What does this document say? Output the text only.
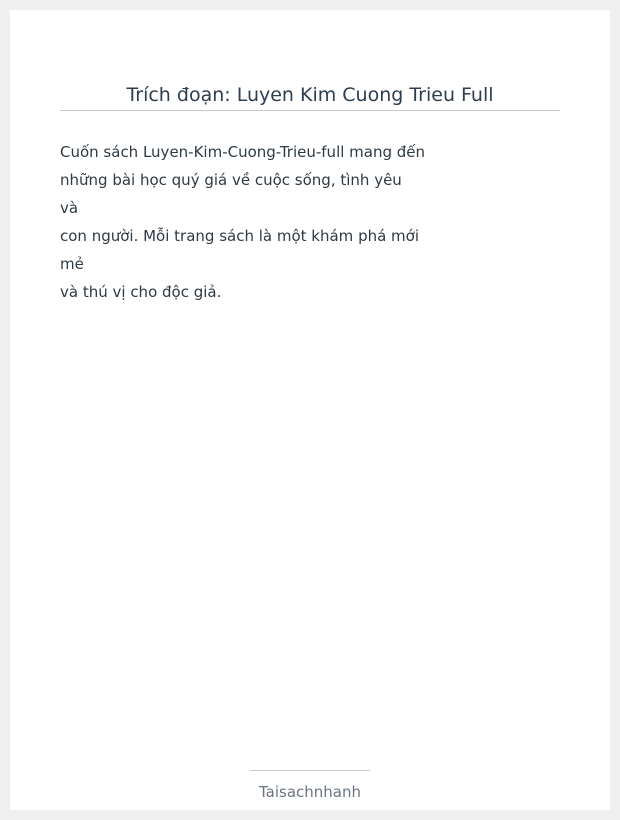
Trích đoạn: Luyen Kim Cuong Trieu Full
Cuốn sách Luyen-Kim-Cuong-Trieu-full mang đến
những bài học quý giá về cuộc sống, tình yêu
và
con người. Mỗi trang sách là một khám phá mới
mẻ
và thú vị cho độc giả.
Taisachnhanh
